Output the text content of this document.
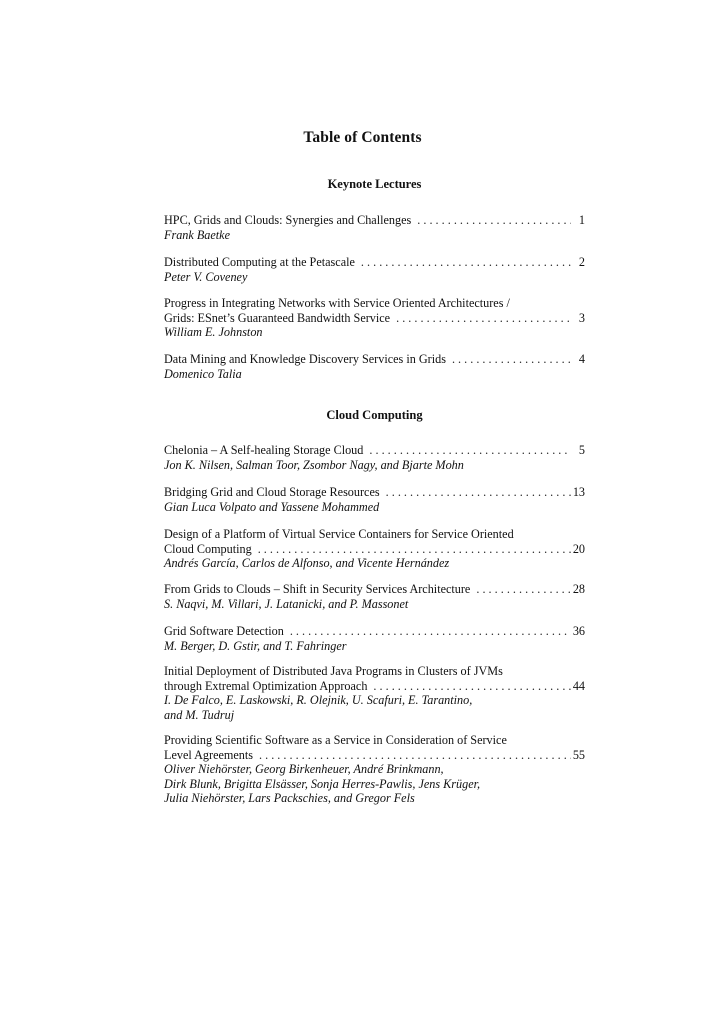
Table of Contents
Keynote Lectures
HPC, Grids and Clouds: Synergies and Challenges . . .	1
Frank Baetke
Distributed Computing at the Petascale . . .	2
Peter V. Coveney
Progress in Integrating Networks with Service Oriented Architectures /
Grids: ESnet’s Guaranteed Bandwidth Service . . .	3
William E. Johnston
Data Mining and Knowledge Discovery Services in Grids . . .	4
Domenico Talia
Cloud Computing
Chelonia – A Self-healing Storage Cloud . . .	5
Jon K. Nilsen, Salman Toor, Zsombor Nagy, and Bjarte Mohn
Bridging Grid and Cloud Storage Resources . . .	13
Gian Luca Volpato and Yassene Mohammed
Design of a Platform of Virtual Service Containers for Service Oriented
Cloud Computing . . .	20
Andrés García, Carlos de Alfonso, and Vicente Hernández
From Grids to Clouds – Shift in Security Services Architecture . . .	28
S. Naqvi, M. Villari, J. Latanicki, and P. Massonet
Grid Software Detection . . .	36
M. Berger, D. Gstir, and T. Fahringer
Initial Deployment of Distributed Java Programs in Clusters of JVMs
through Extremal Optimization Approach . . .	44
I. De Falco, E. Laskowski, R. Olejnik, U. Scafuri, E. Tarantino,
and M. Tudruj
Providing Scientific Software as a Service in Consideration of Service
Level Agreements . . .	55
Oliver Niehörster, Georg Birkenheuer, André Brinkmann,
Dirk Blunk, Brigitta Elsässer, Sonja Herres-Pawlis, Jens Krüger,
Julia Niehörster, Lars Packschies, and Gregor Fels
